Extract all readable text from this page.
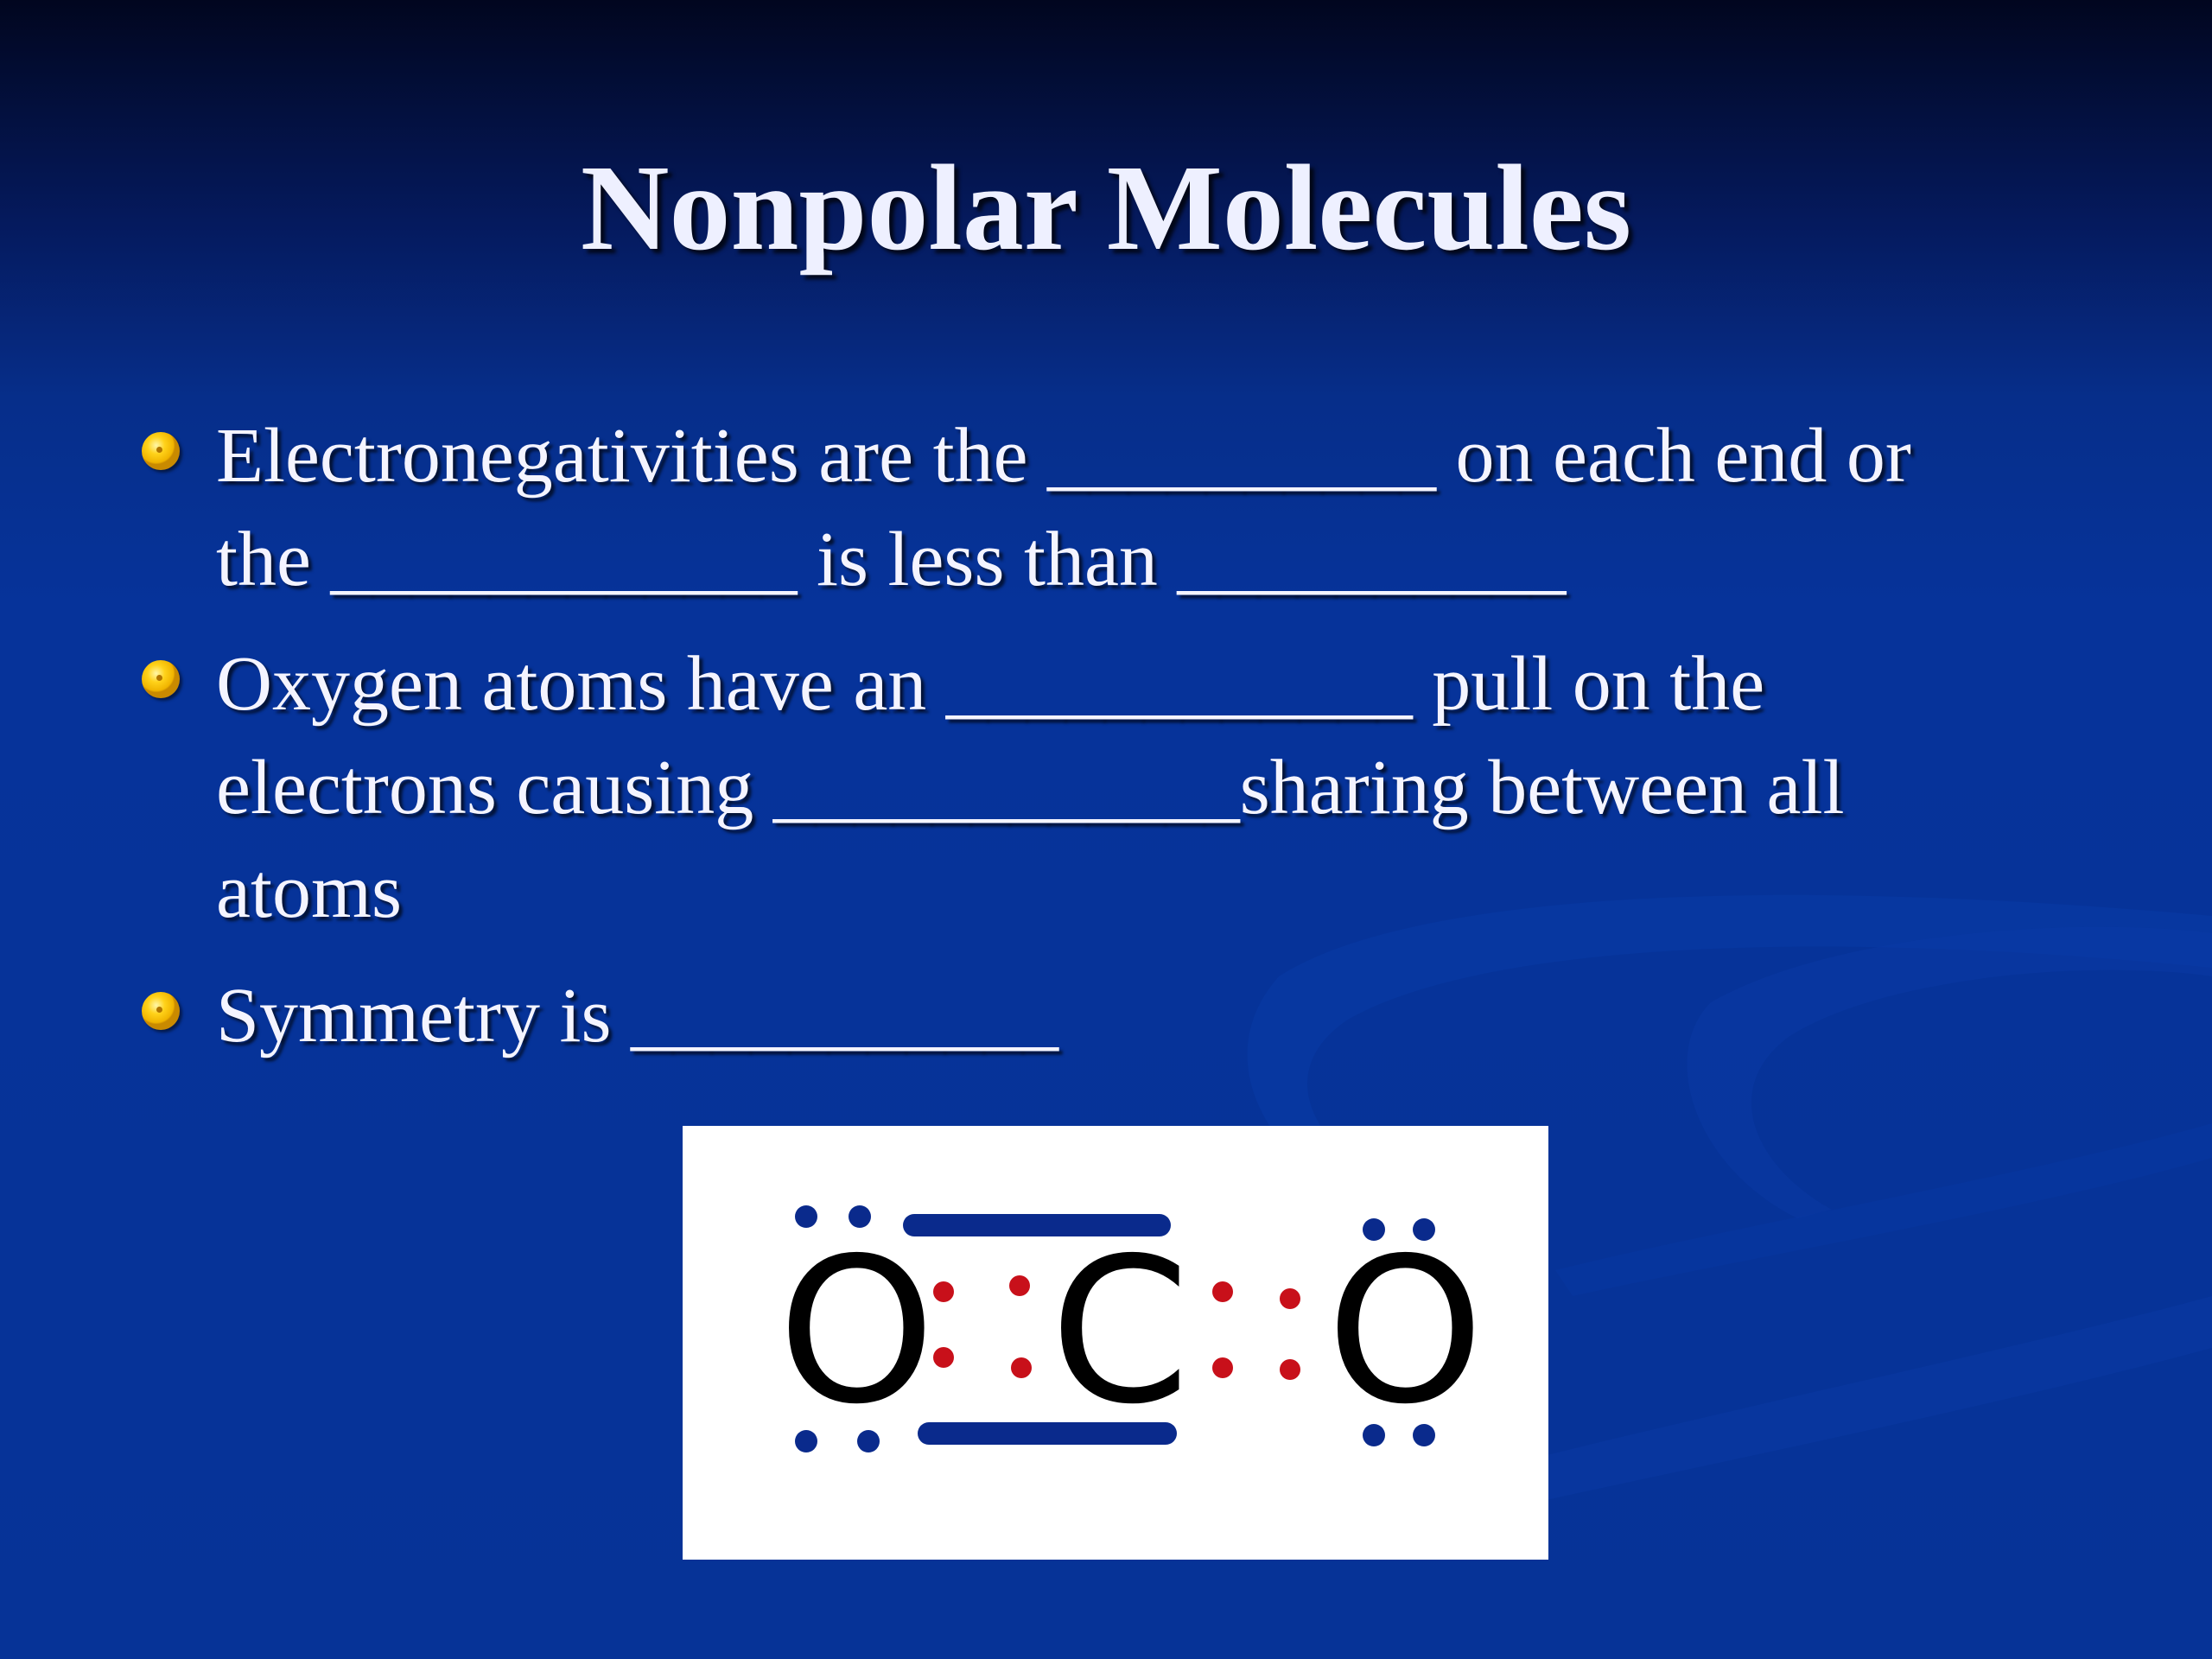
Nonpolar Molecules
Electronegativities are the __________ on each end or
the ____________ is less than __________
Oxygen atoms have an ____________ pull on the
electrons causing ____________sharing between all
atoms
Symmetry is ___________
O C O
